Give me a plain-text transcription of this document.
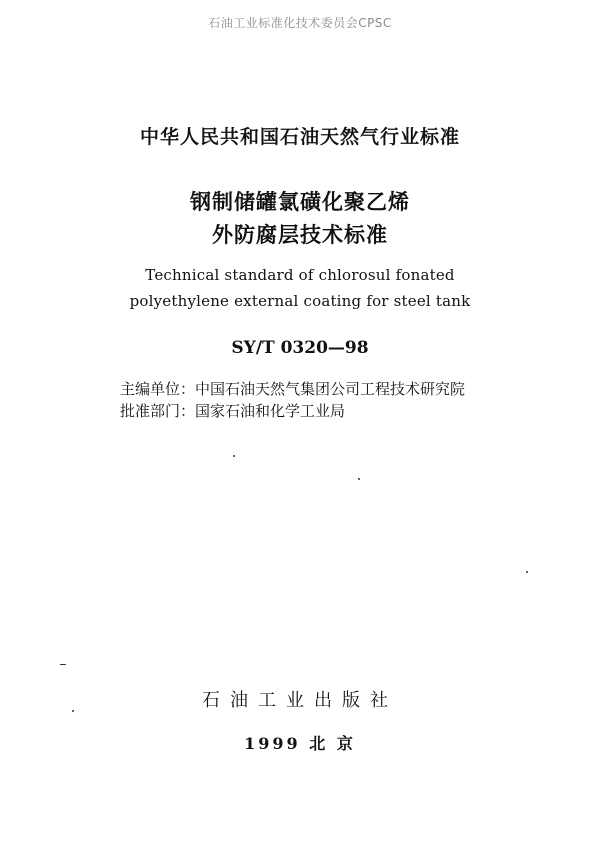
石油工业标准化技术委员会CPSC
中华人民共和国石油天然气行业标准
钢制储罐氯磺化聚乙烯
外防腐层技术标准
Technical standard of chlorosul fonated
polyethylene external coating for steel tank
SY/T 0320—98
主编单位：中国石油天然气集团公司工程技术研究院
批准部门：国家石油和化学工业局
石油工业出版社
1999 北 京
